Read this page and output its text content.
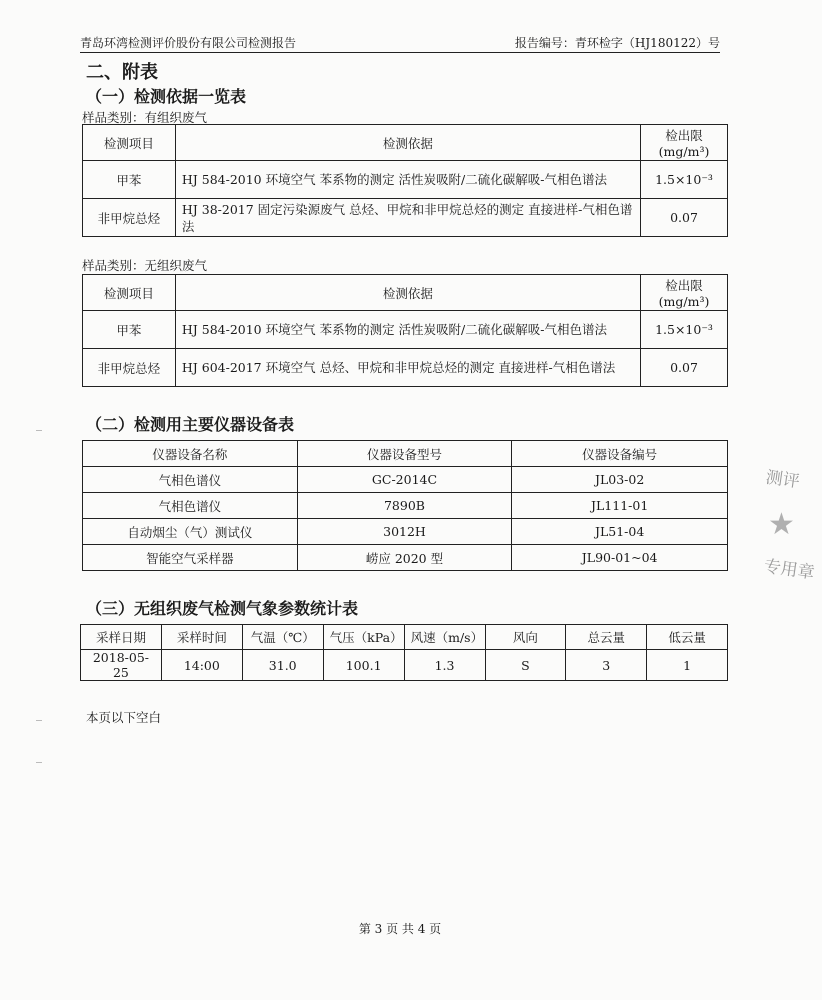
青岛环湾检测评价股份有限公司检测报告	报告编号：青环检字（HJ180122）号
二、附表
（一）检测依据一览表
样品类别：有组织废气
检测项目	检测依据	检出限
(mg/m³)

甲苯	HJ 584-2010 环境空气 苯系物的测定 活性炭吸附/二硫化碳解吸-气相色谱法	1.5×10⁻³
非甲烷总烃	HJ 38-2017 固定污染源废气 总烃、甲烷和非甲烷总烃的测定 直接进样-气相色谱法	0.07
样品类别：无组织废气
检测项目	检测依据	检出限
(mg/m³)

甲苯	HJ 584-2010 环境空气 苯系物的测定 活性炭吸附/二硫化碳解吸-气相色谱法	1.5×10⁻³
非甲烷总烃	HJ 604-2017 环境空气 总烃、甲烷和非甲烷总烃的测定 直接进样-气相色谱法	0.07
（二）检测用主要仪器设备表
仪器设备名称	仪器设备型号	仪器设备编号
气相色谱仪	GC-2014C	JL03-02
气相色谱仪	7890B	JL111-01
自动烟尘（气）测试仪	3012H	JL51-04
智能空气采样器	崂应 2020 型	JL90-01~04
（三）无组织废气检测气象参数统计表
采样日期	采样时间	气温（℃）	气压（kPa）	风速（m/s）	风向	总云量	低云量
2018-05-25	14:00	31.0	100.1	1.3	S	3	1
本页以下空白
第 3 页 共 4 页
测评
★
专用章
